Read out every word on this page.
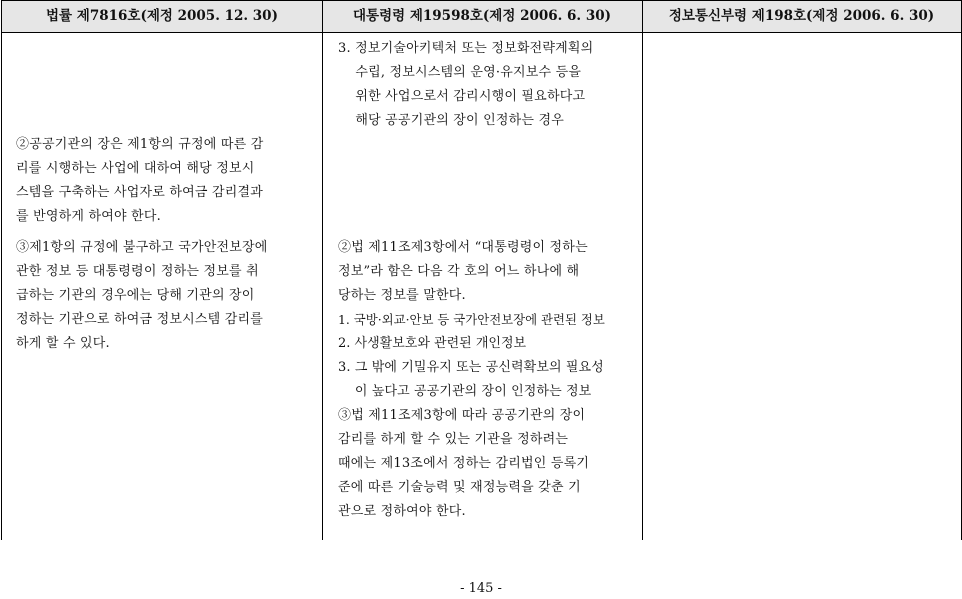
법률 제7816호(제정 2005. 12. 30)	대통령령 제19598호(제정 2006. 6. 30)	정보통신부령 제198호(제정 2006. 6. 30)
②공공기관의 장은 제1항의 규정에 따른 감
리를 시행하는 사업에 대하여 해당 정보시
스템을 구축하는 사업자로 하여금 감리결과
를 반영하게 하여야 한다.
③제1항의 규정에 불구하고 국가안전보장에
관한 정보 등 대통령령이 정하는 정보를 취
급하는 기관의 경우에는 당해 기관의 장이
정하는 기관으로 하여금 정보시스템 감리를
하게 할 수 있다.
3. 정보기술아키텍처 또는 정보화전략계획의
수립, 정보시스템의 운영·유지보수 등을
위한 사업으로서 감리시행이 필요하다고
해당 공공기관의 장이 인정하는 경우
②법 제11조제3항에서 “대통령령이 정하는
정보”라 함은 다음 각 호의 어느 하나에 해
당하는 정보를 말한다.
1. 국방·외교·안보 등 국가안전보장에 관련된 정보
2. 사생활보호와 관련된 개인정보
3. 그 밖에 기밀유지 또는 공신력확보의 필요성
이 높다고 공공기관의 장이 인정하는 정보
③법 제11조제3항에 따라 공공기관의 장이
감리를 하게 할 수 있는 기관을 정하려는
때에는 제13조에서 정하는 감리법인 등록기
준에 따른 기술능력 및 재정능력을 갖춘 기
관으로 정하여야 한다.
- 145 -
